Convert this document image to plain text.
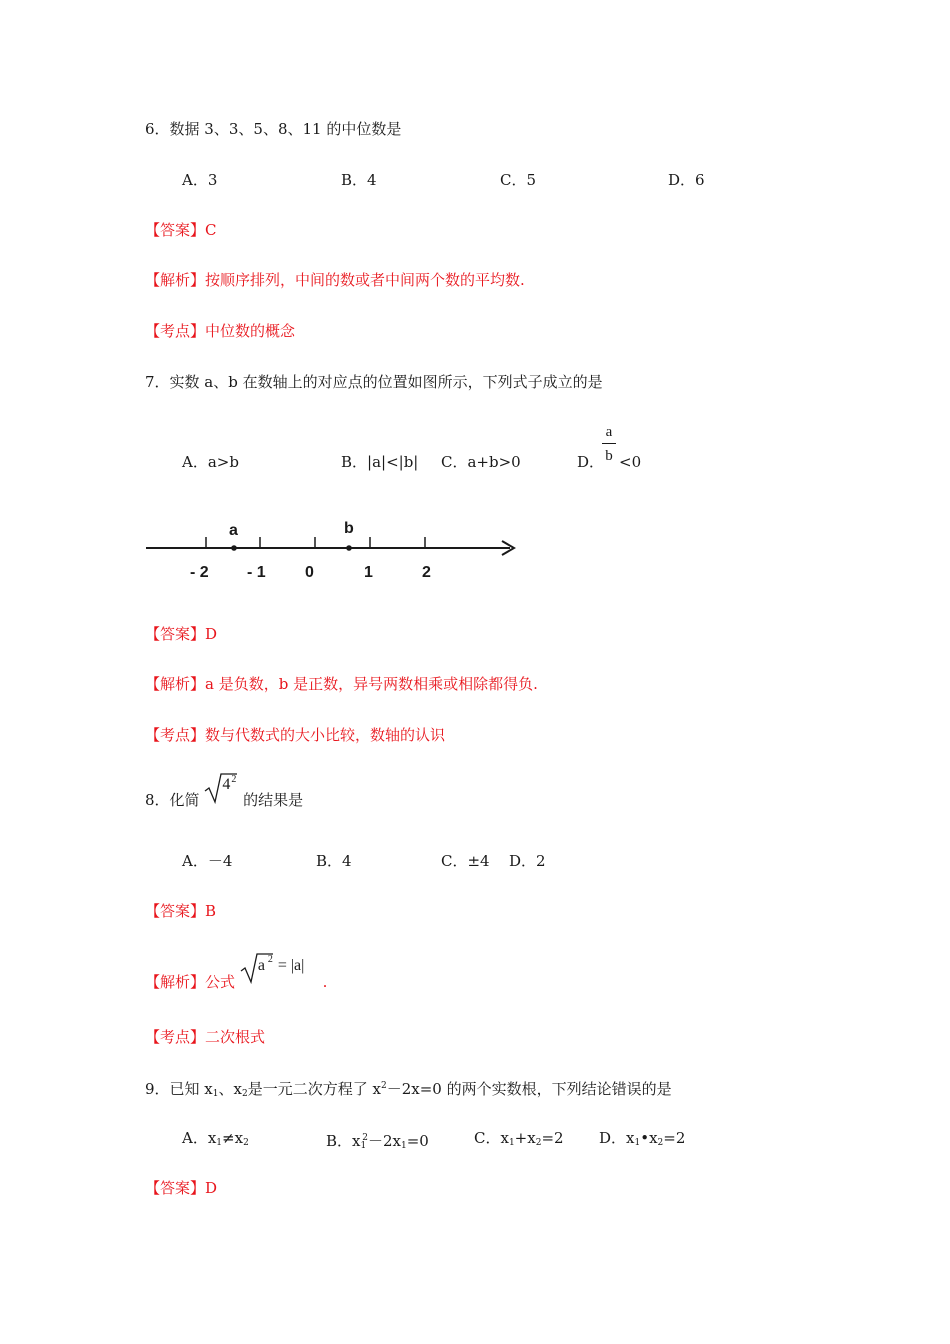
6．数据 3、3、5、8、11 的中位数是
A．3	B．4	C．5	D．6
【答案】C
【解析】按顺序排列，中间的数或者中间两个数的平均数.
【考点】中位数的概念
7．实数 a、b 在数轴上的对应点的位置如图所示，下列式子成立的是
A．a>b	B．|a|<|b| C．a+b>0	D．
a
b <0
a	b
- 2 - 1 0	1	2
【答案】D
【解析】a 是负数，b 是正数，异号两数相乘或相除都得负.
【考点】数与代数式的大小比较，数轴的认识
8．化简
4 2
的结果是
A．－4	B．4	C．±4 D．2
【答案】B
【解析】公式
a 2 = |a|
.
【考点】二次根式
9．已知 $x_1$、$x_2$是一元二次方程了 $x^2-2x=0$ 的两个实数根，下列结论错误的是
A．$x_1\ne x_2$	B．$x_1^2-2x_1=0$	C．$x_1+x_2=2$ D．$x_1•x_2=2$
【答案】D
